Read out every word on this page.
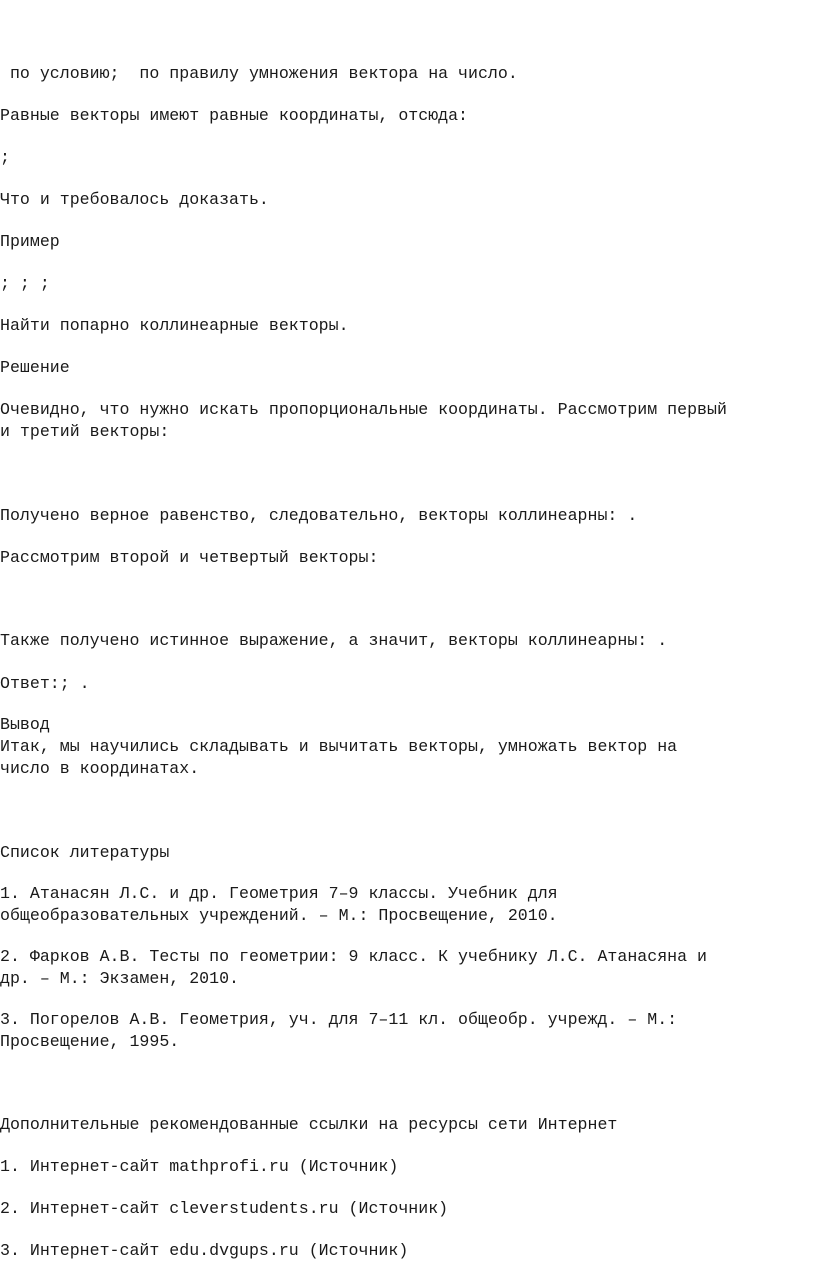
по условию;  по правилу умножения вектора на число.

Равные векторы имеют равные координаты, отсюда:

;

Что и требовалось доказать.

Пример

; ; ;

Найти попарно коллинеарные векторы.

Решение

Очевидно, что нужно искать пропорциональные координаты. Рассмотрим первый

и третий векторы:

Получено верное равенство, следовательно, векторы коллинеарны: .

Рассмотрим второй и четвертый векторы:

Также получено истинное выражение, а значит, векторы коллинеарны: .

Ответ:; .

Вывод

Итак, мы научились складывать и вычитать векторы, умножать вектор на

число в координатах.

Список литературы

1. Атанасян Л.С. и др. Геометрия 7–9 классы. Учебник для

общеобразовательных учреждений. – М.: Просвещение, 2010.

2. Фарков А.В. Тесты по геометрии: 9 класс. К учебнику Л.С. Атанасяна и

др. – М.: Экзамен, 2010.

3. Погорелов А.В. Геометрия, уч. для 7–11 кл. общеобр. учрежд. – М.:

Просвещение, 1995.

Дополнительные рекомендованные ссылки на ресурсы сети Интернет

1. Интернет-сайт mathprofi.ru (Источник)

2. Интернет-сайт cleverstudents.ru (Источник)

3. Интернет-сайт edu.dvgups.ru (Источник)
